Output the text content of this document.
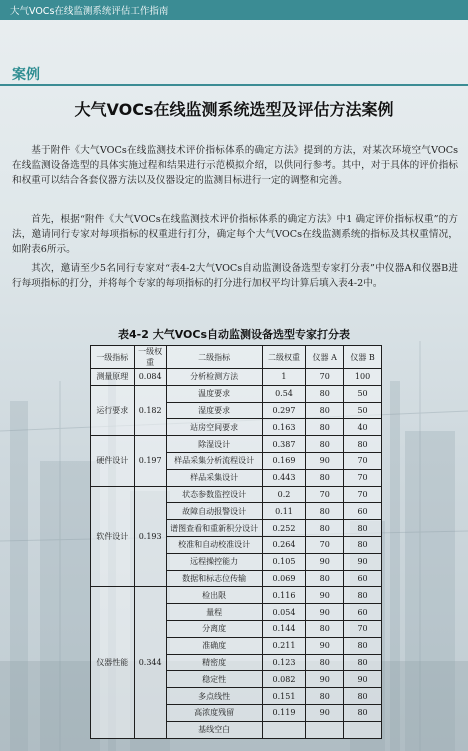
大气VOCs在线监测系统评估工作指南
案例
大气VOCs在线监测系统选型及评估方法案例
基于附件《大气VOCs在线监测技术评价指标体系的确定方法》提到的方法，对某次环境空气VOCs在线监测设备选型的具体实施过程和结果进行示范模拟介绍，以供同行参考。其中，对于具体的评价指标和权重可以结合各套仪器方法以及仪器设定的监测目标进行一定的调整和完善。
首先，根据“附件《大气VOCs在线监测技术评价指标体系的确定方法》中1 确定评价指标权重”的方法，邀请同行专家对每项指标的权重进行打分，确定每个大气VOCs在线监测系统的指标及其权重情况，如附表6所示。
其次，邀请至少5名同行专家对“表4-2大气VOCs自动监测设备选型专家打分表”中仪器A和仪器B进行每项指标的打分，并将每个专家的每项指标的打分进行加权平均计算后填入表4-2中。
表4-2 大气VOCs自动监测设备选型专家打分表
一级指标	一级权重	二级指标	二级权重	仪器 A	仪器 B
测量原理	0.084	分析检测方法	1	70	100
运行要求	0.182	温度要求	0.54	80	50
		湿度要求	0.297	80	50
		站房空间要求	0.163	80	40
硬件设计	0.197	除湿设计	0.387	80	80
		样品采集分析流程设计	0.169	90	70
		样品采集设计	0.443	80	70
软件设计	0.193	状态参数监控设计	0.2	70	70
		故障自动报警设计	0.11	80	60
		谱图查看和重新积分设计	0.252	80	80
		校准和自动校准设计	0.264	70	80
		远程操控能力	0.105	90	90
		数据和标志位传输	0.069	80	60
仪器性能	0.344	检出限	0.116	90	80
		量程	0.054	90	60
		分离度	0.144	80	70
		准确度	0.211	90	80
		精密度	0.123	80	80
		稳定性	0.082	90	90
		多点线性	0.151	80	80
		高浓度残留	0.119	90	80
		基线空白			
